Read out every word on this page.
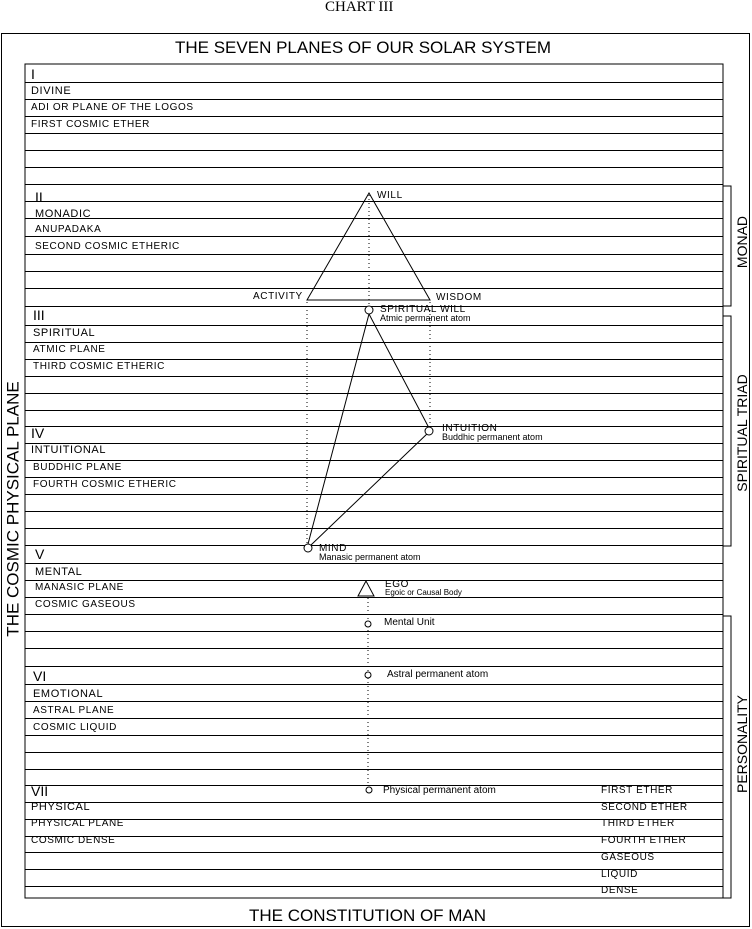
CHART III
THE SEVEN PLANES OF OUR SOLAR SYSTEM
THE CONSTITUTION OF MAN
THE COSMIC PHYSICAL PLANE
MONAD
SPIRITUAL TRIAD
PERSONALITY
I
DIVINE
ADI OR PLANE OF THE LOGOS
FIRST COSMIC ETHER
II
MONADIC
ANUPADAKA
SECOND COSMIC ETHERIC
III
SPIRITUAL
ATMIC PLANE
THIRD COSMIC ETHERIC
IV
INTUITIONAL
BUDDHIC PLANE
FOURTH COSMIC ETHERIC
V
MENTAL
MANASIC PLANE
COSMIC GASEOUS
VI
EMOTIONAL
ASTRAL PLANE
COSMIC LIQUID
VII
PHYSICAL
PHYSICAL PLANE
COSMIC DENSE
FIRST ETHER
SECOND ETHER
THIRD ETHER
FOURTH ETHER
GASEOUS
LIQUID
DENSE
WILL
ACTIVITY	WISDOM
SPIRITUAL WILL
Atmic permanent atom
INTUITION
Buddhic permanent atom
MIND
Manasic permanent atom
EGO
Egoic or Causal Body
Mental Unit
Astral permanent atom
Physical permanent atom
